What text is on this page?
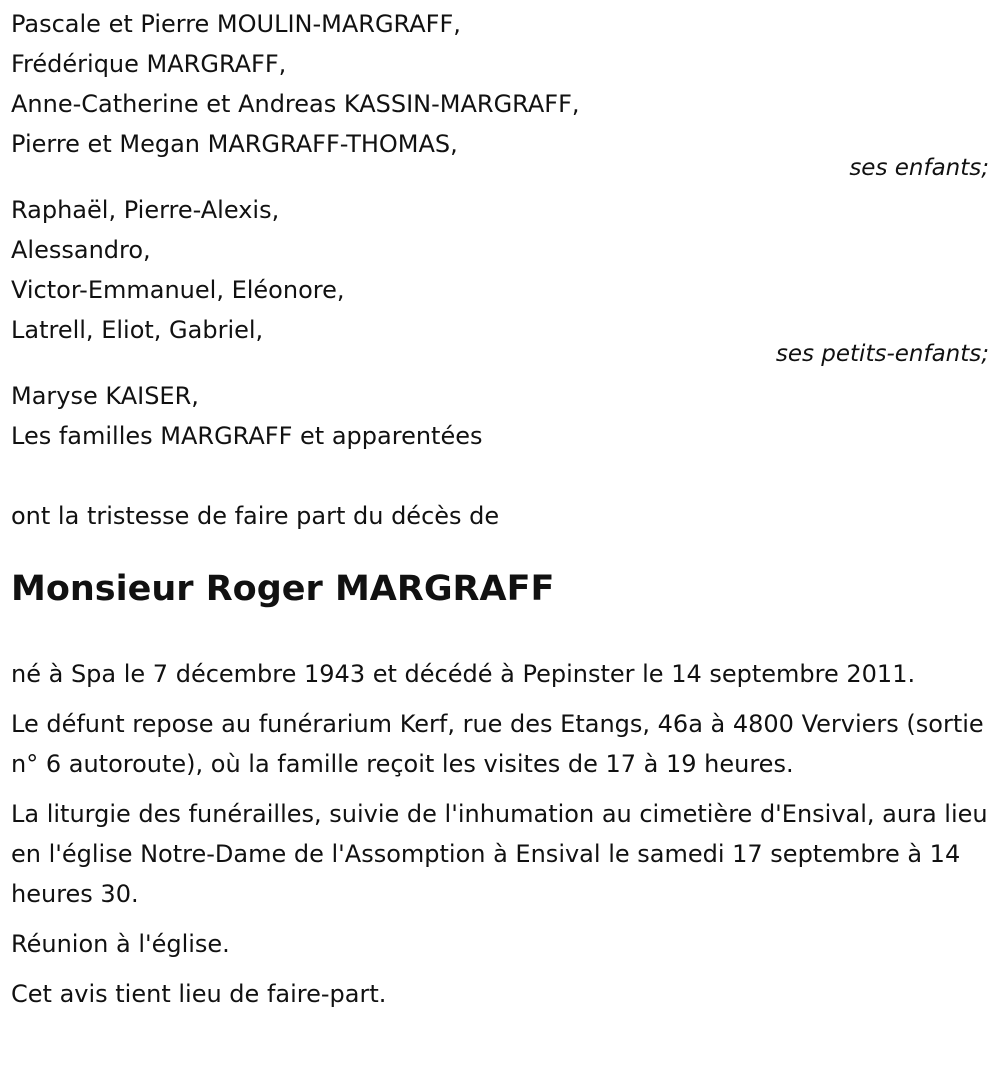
Pascale et Pierre MOULIN-MARGRAFF,

Frédérique MARGRAFF,

Anne-Catherine et Andreas KASSIN-MARGRAFF,

Pierre et Megan MARGRAFF-THOMAS,

ses enfants;

Raphaël, Pierre-Alexis,

Alessandro,

Victor-Emmanuel, Eléonore,

Latrell, Eliot, Gabriel,

ses petits-enfants;

Maryse KAISER,

Les familles MARGRAFF et apparentées

ont la tristesse de faire part du décès de

Monsieur Roger MARGRAFF

né à Spa le 7 décembre 1943 et décédé à Pepinster le 14 septembre 2011.

Le défunt repose au funérarium Kerf, rue des Etangs, 46a à 4800 Verviers (sortie n° 6 autoroute), où la famille reçoit les visites de 17 à 19 heures.

La liturgie des funérailles, suivie de l'inhumation au cimetière d'Ensival, aura lieu en l'église Notre-Dame de l'Assomption à Ensival le samedi 17 septembre à 14 heures 30.

Réunion à l'église.

Cet avis tient lieu de faire-part.
